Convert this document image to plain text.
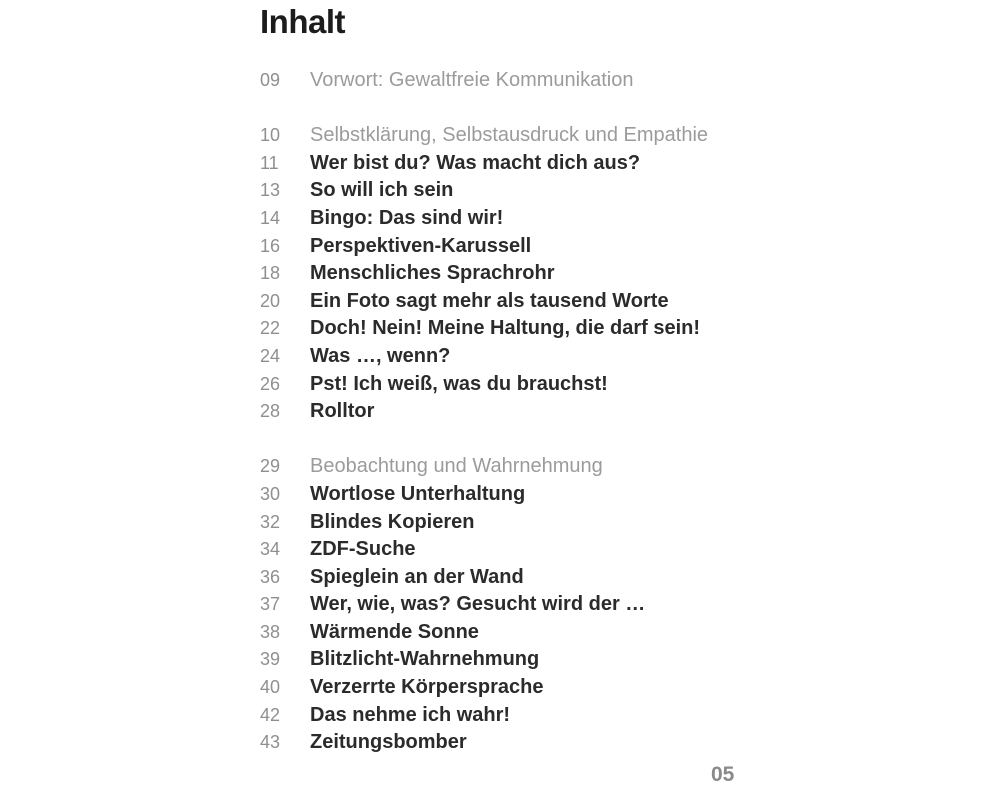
Inhalt
09	Vorwort: Gewaltfreie Kommunikation
10	Selbstklärung, Selbstausdruck und Empathie
11	Wer bist du? Was macht dich aus?
13	So will ich sein
14	Bingo: Das sind wir!
16	Perspektiven-Karussell
18	Menschliches Sprachrohr
20	Ein Foto sagt mehr als tausend Worte
22	Doch! Nein! Meine Haltung, die darf sein!
24	Was …, wenn?
26	Pst! Ich weiß, was du brauchst!
28	Rolltor
29	Beobachtung und Wahrnehmung
30	Wortlose Unterhaltung
32	Blindes Kopieren
34	ZDF-Suche
36	Spieglein an der Wand
37	Wer, wie, was? Gesucht wird der …
38	Wärmende Sonne
39	Blitzlicht-Wahrnehmung
40	Verzerrte Körpersprache
42	Das nehme ich wahr!
43	Zeitungsbomber
05
